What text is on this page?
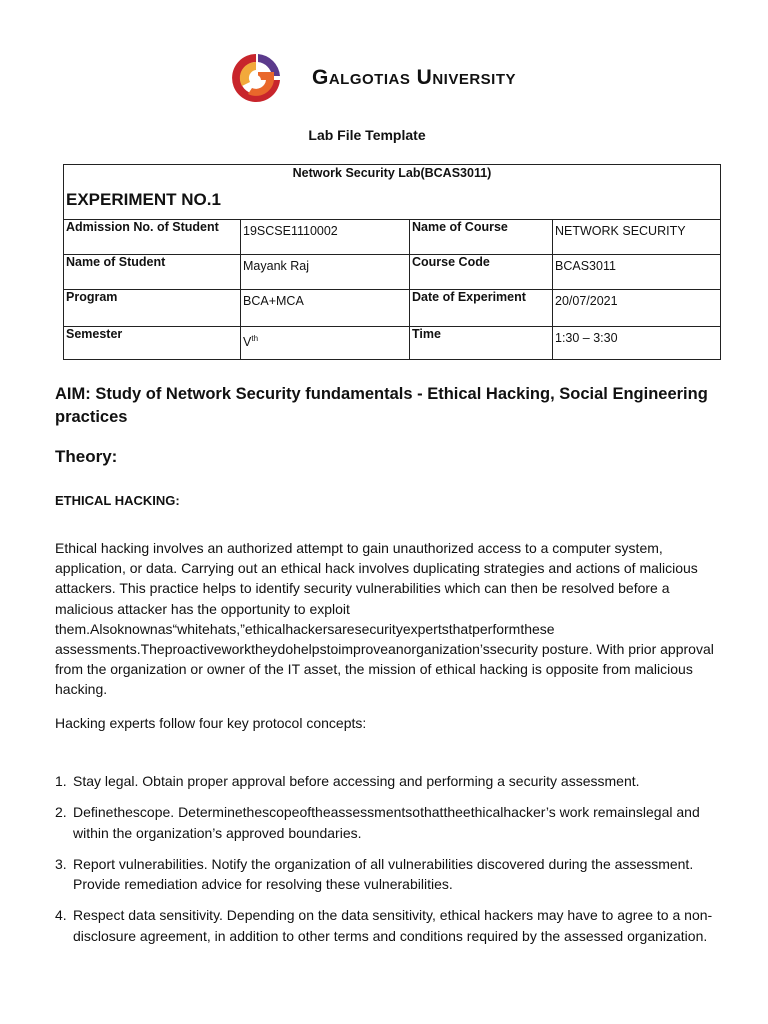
Galgotias University
Lab File Template
Network Security Lab(BCAS3011)
EXPERIMENT NO.1			

Admission No. of Student	19SCSE1110002	Name of Course	NETWORK SECURITY
Name of Student	Mayank Raj	Course Code	BCAS3011
Program	BCA+MCA	Date of Experiment	20/07/2021
Semester	Vth	Time	1:30 – 3:30
AIM: Study of Network Security fundamentals - Ethical Hacking, Social Engineering practices
Theory:
ETHICAL HACKING:
Ethical hacking involves an authorized attempt to gain unauthorized access to a computer system, application, or data. Carrying out an ethical hack involves duplicating strategies and actions of malicious attackers. This practice helps to identify security vulnerabilities which can then be resolved before a malicious attacker has the opportunity to exploit them.Alsoknownas“whitehats,”ethicalhackersaresecurityexpertsthatperformthese assessments.Theproactiveworktheydohelpstoimproveanorganization’ssecurity posture. With prior approval from the organization or owner of the IT asset, the mission of ethical hacking is opposite from malicious hacking.
Hacking experts follow four key protocol concepts:
1. Stay legal. Obtain proper approval before accessing and performing a security assessment.
2. Definethescope. Determinethescopeoftheassessmentsothattheethicalhacker’s work remainslegal and within the organization’s approved boundaries.
3. Report vulnerabilities. Notify the organization of all vulnerabilities discovered during the assessment. Provide remediation advice for resolving these vulnerabilities.
4. Respect data sensitivity. Depending on the data sensitivity, ethical hackers may have to agree to a non-disclosure agreement, in addition to other terms and conditions required by the assessed organization.
